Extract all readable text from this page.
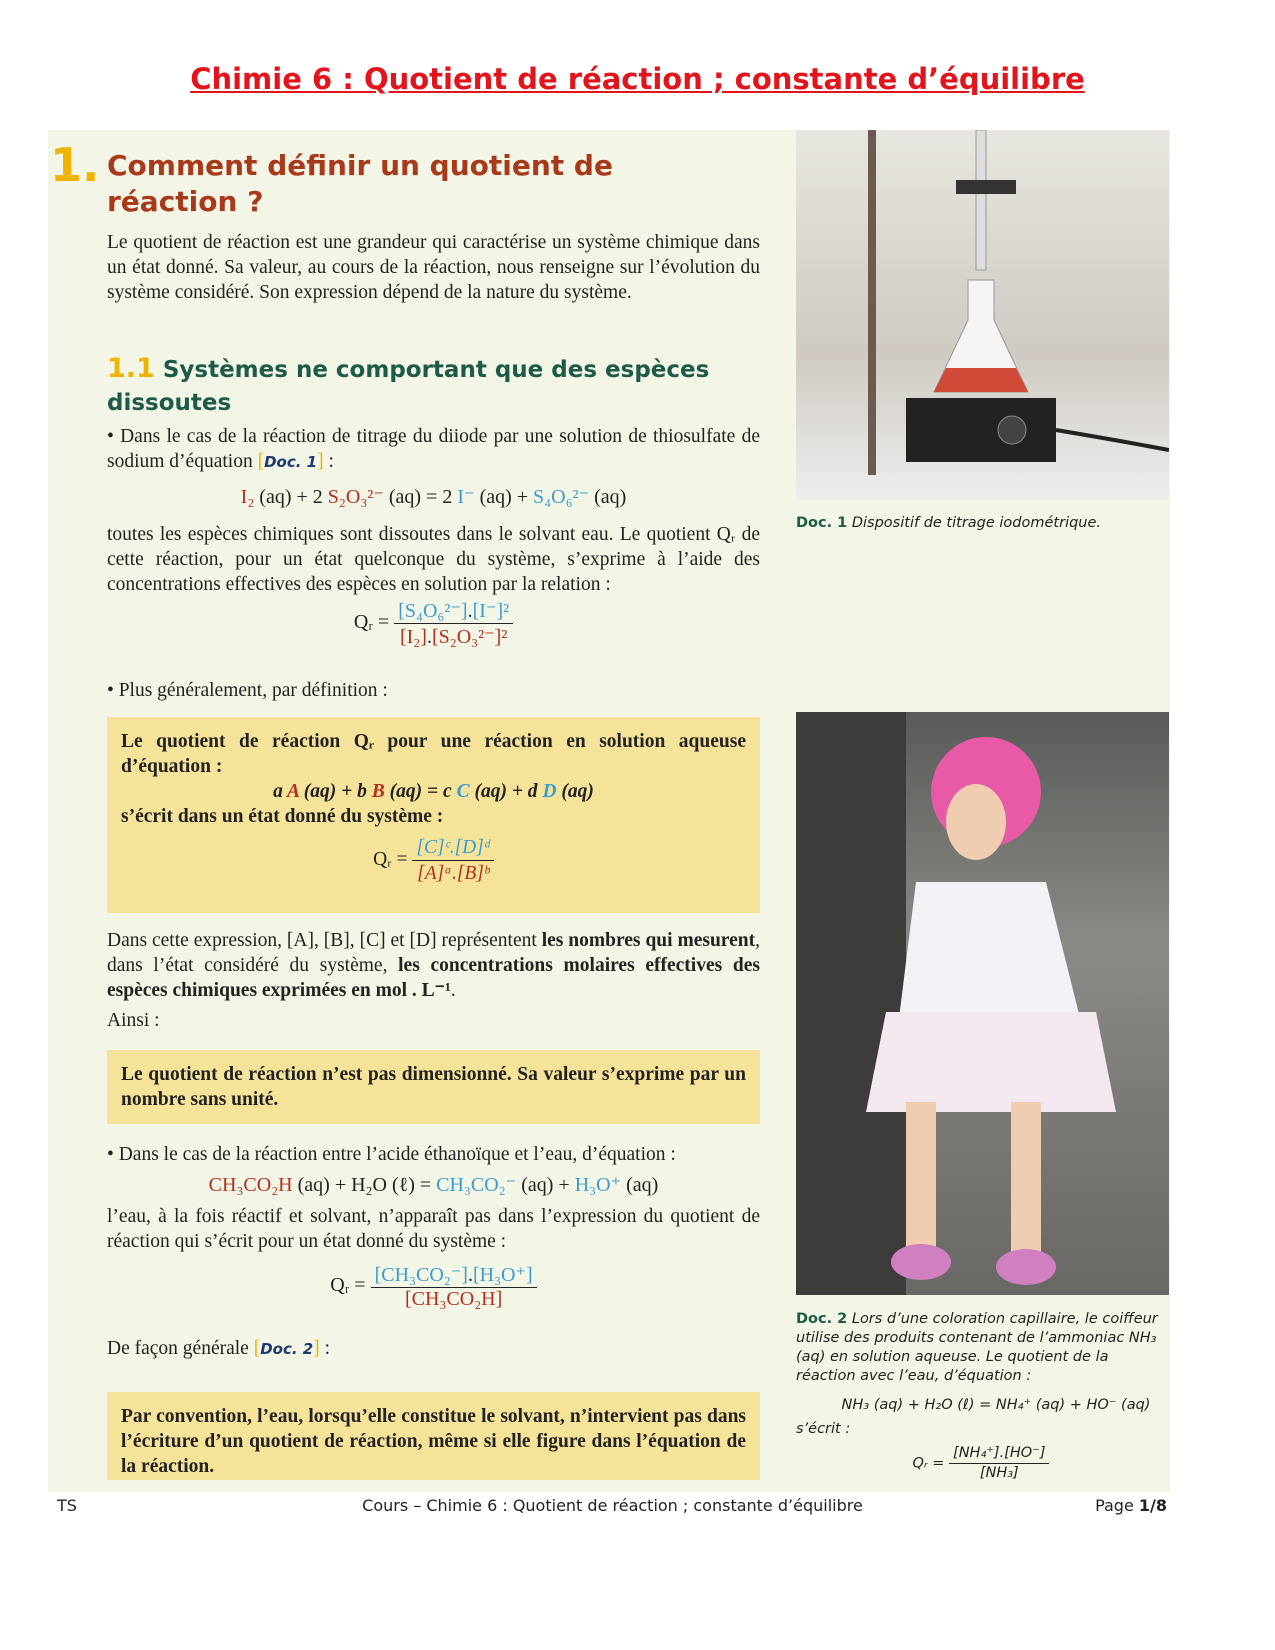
Chimie 6 : Quotient de réaction ; constante d’équilibre
1. Comment définir un quotient de réaction ?
Le quotient de réaction est une grandeur qui caractérise un système chimique dans un état donné. Sa valeur, au cours de la réaction, nous renseigne sur l’évolution du système considéré. Son expression dépend de la nature du système.
1.1 Systèmes ne comportant que des espèces dissoutes
• Dans le cas de la réaction de titrage du diiode par une solution de thiosulfate de sodium d’équation [Doc. 1] :
I₂ (aq) + 2 S₂O₃²⁻ (aq) = 2 I⁻ (aq) + S₄O₆²⁻ (aq)
toutes les espèces chimiques sont dissoutes dans le solvant eau. Le quotient Qᵣ de cette réaction, pour un état quelconque du système, s’exprime à l’aide des concentrations effectives des espèces en solution par la relation :
Qᵣ = $\frac{\text{[S₄O₆²⁻].[I⁻]²}}{\text{[I₂].[S₂O₃²⁻]²}}$
• Plus généralement, par définition :
Le quotient de réaction Qᵣ pour une réaction en solution aqueuse d’équation :
a A (aq) + b B (aq) = c C (aq) + d D (aq)
s’écrit dans un état donné du système :
Qᵣ = $\frac{\text{[C]ᶜ.[D]ᵈ}}{\text{[A]ᵃ.[B]ᵇ}}$
Dans cette expression, [A], [B], [C] et [D] représentent les nombres qui mesurent, dans l’état considéré du système, les concentrations molaires effectives des espèces chimiques exprimées en mol . L⁻¹.
Ainsi :
Le quotient de réaction n’est pas dimensionné. Sa valeur s’exprime par un nombre sans unité.
• Dans le cas de la réaction entre l’acide éthanoïque et l’eau, d’équation :
CH₃CO₂H (aq) + H₂O (ℓ) = CH₃CO₂⁻ (aq) + H₃O⁺ (aq)
l’eau, à la fois réactif et solvant, n’apparaît pas dans l’expression du quotient de réaction qui s’écrit pour un état donné du système :
Qᵣ = $\frac{\text{[CH₃CO₂⁻].[H₃O⁺]}}{\text{[CH₃CO₂H]}}$
De façon générale [Doc. 2] :
Par convention, l’eau, lorsqu’elle constitue le solvant, n’intervient pas dans l’écriture d’un quotient de réaction, même si elle figure dans l’équation de la réaction.
Doc. 1 Dispositif de titrage iodométrique.
Doc. 2 Lors d’une coloration capillaire, le coiffeur utilise des produits contenant de l’ammoniac NH₃ (aq) en solution aqueuse. Le quotient de la réaction avec l’eau, d’équation :
NH₃ (aq) + H₂O (ℓ) = NH₄⁺ (aq) + HO⁻ (aq)
s’écrit :
Qᵣ = $\frac{\text{[NH₄⁺].[HO⁻]}}{\text{[NH₃]}}$
TS	Cours – Chimie 6 : Quotient de réaction ; constante d’équilibre	Page 1/8
